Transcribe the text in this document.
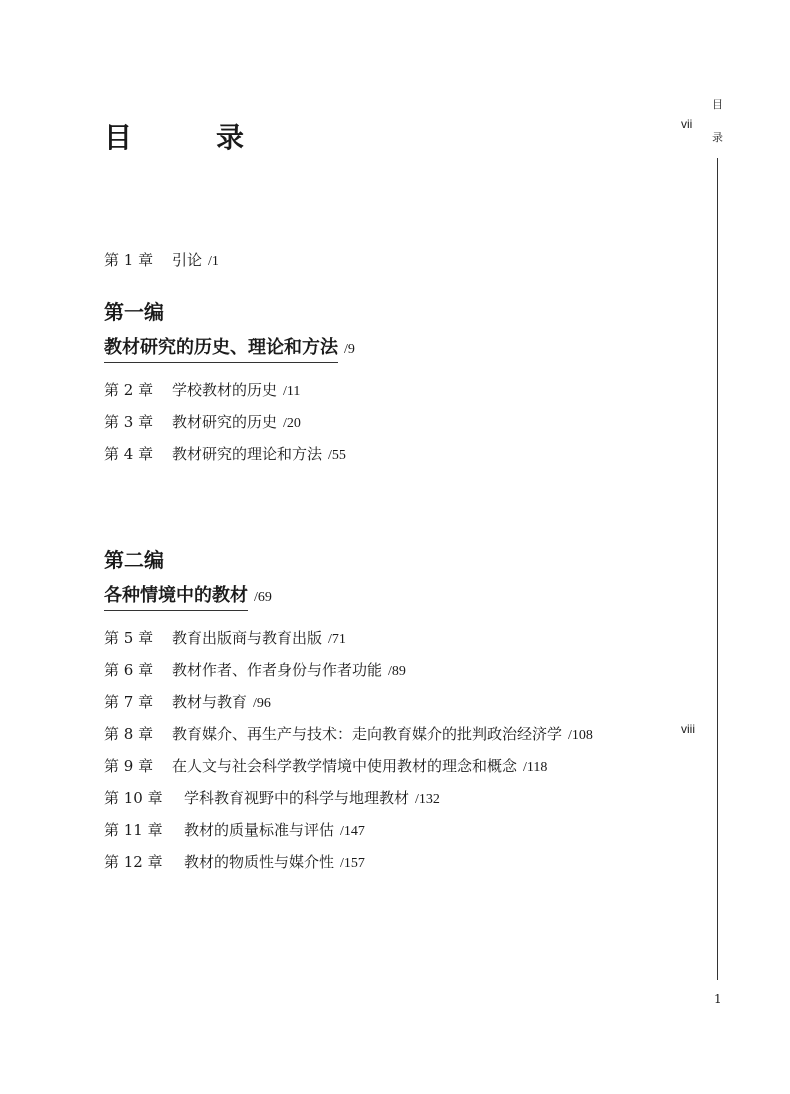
目　录
目
录
vii
viii
第 1 章 引论 /1
第一编
教材研究的历史、理论和方法 /9
第 2 章 学校教材的历史 /11
第 3 章 教材研究的历史 /20
第 4 章 教材研究的理论和方法 /55
第二编
各种情境中的教材 /69
第 5 章 教育出版商与教育出版 /71
第 6 章 教材作者、作者身份与作者功能 /89
第 7 章 教材与教育 /96
第 8 章 教育媒介、再生产与技术：走向教育媒介的批判政治经济学 /108
第 9 章 在人文与社会科学教学情境中使用教材的理念和概念 /118
第 10 章 学科教育视野中的科学与地理教材 /132
第 11 章 教材的质量标准与评估 /147
第 12 章 教材的物质性与媒介性 /157
1
